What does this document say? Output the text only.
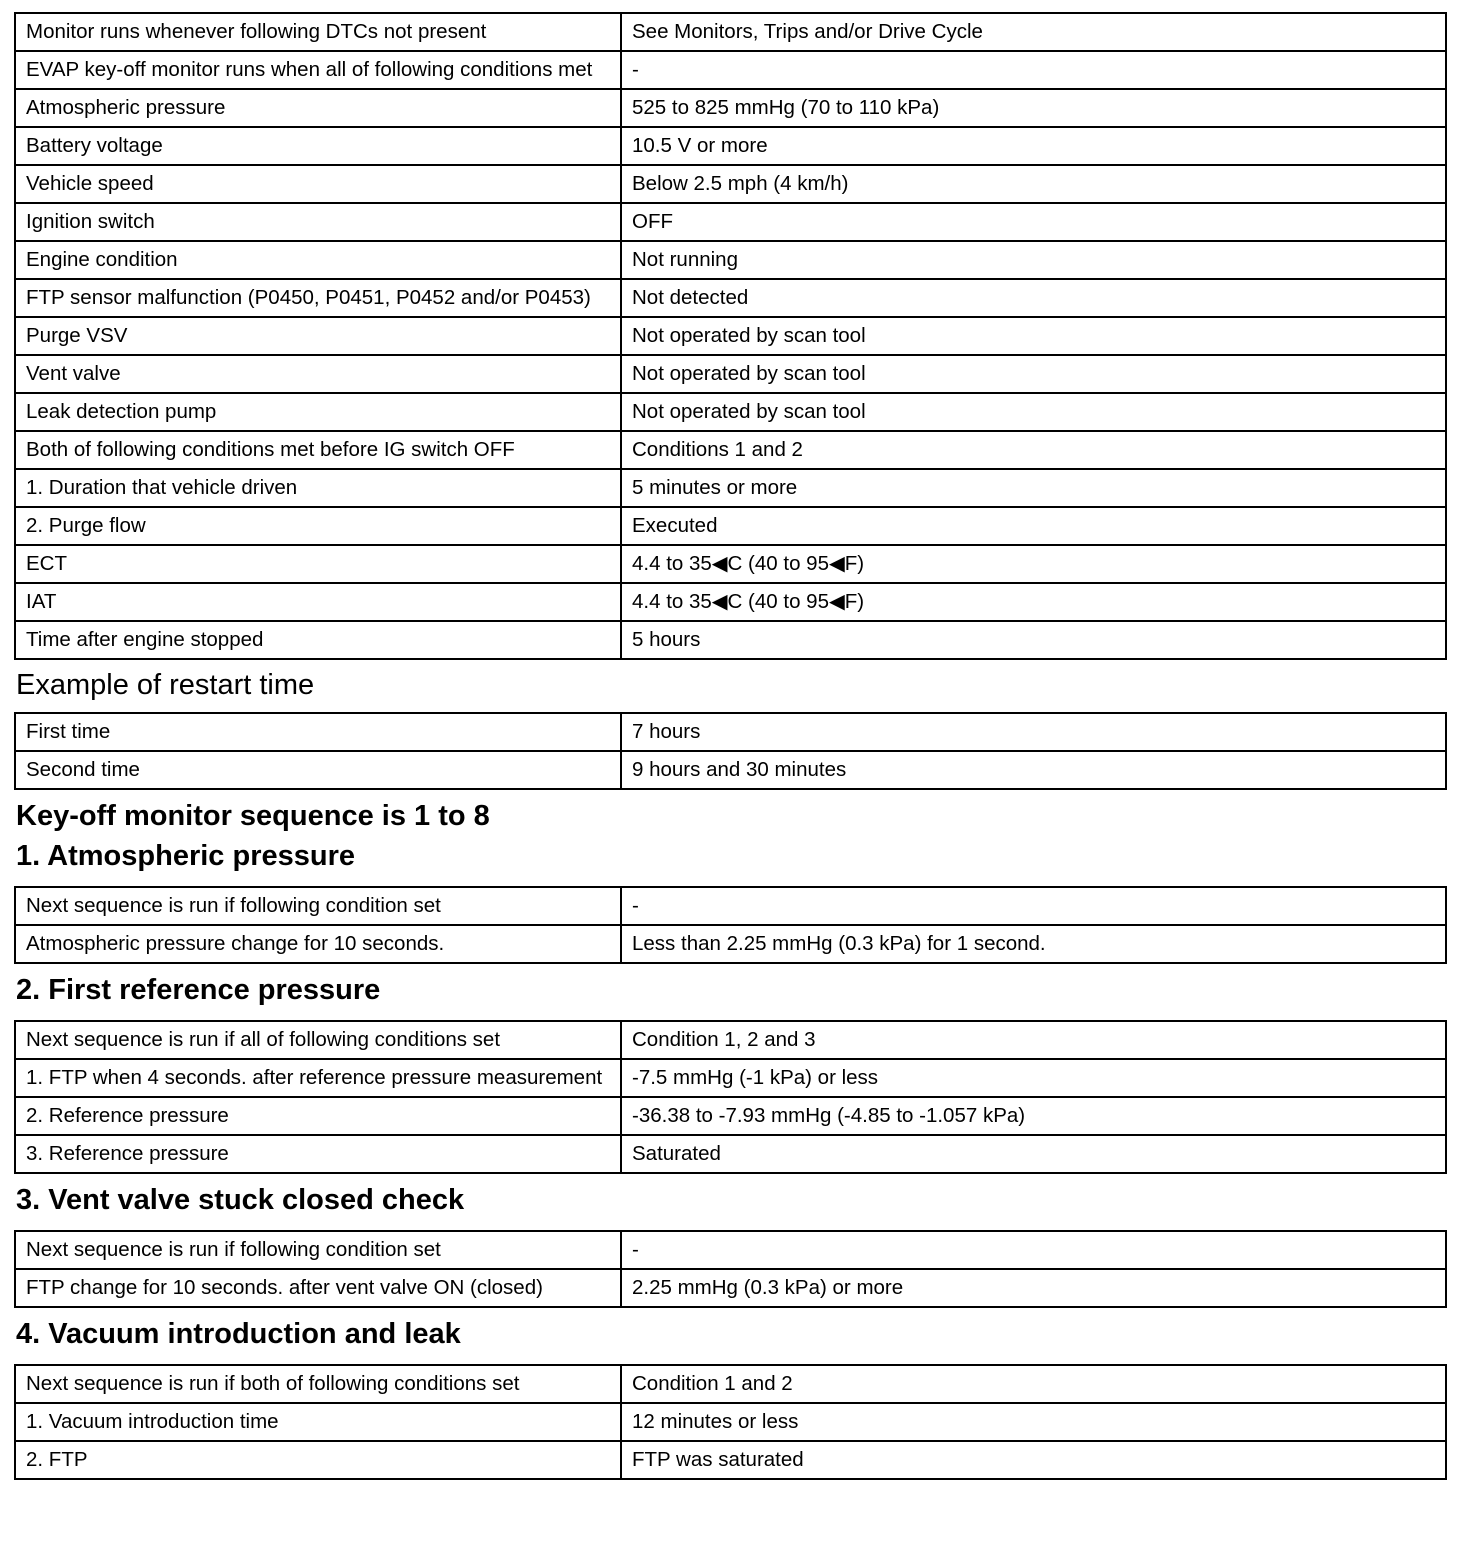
Monitor runs whenever following DTCs not present	See Monitors, Trips and/or Drive Cycle
EVAP key-off monitor runs when all of following conditions met	-
Atmospheric pressure	525 to 825 mmHg (70 to 110 kPa)
Battery voltage	10.5 V or more
Vehicle speed	Below 2.5 mph (4 km/h)
Ignition switch	OFF
Engine condition	Not running
FTP sensor malfunction (P0450, P0451, P0452 and/or P0453)	Not detected
Purge VSV	Not operated by scan tool
Vent valve	Not operated by scan tool
Leak detection pump	Not operated by scan tool
Both of following conditions met before IG switch OFF	Conditions 1 and 2
1. Duration that vehicle driven	5 minutes or more
2. Purge flow	Executed
ECT	4.4 to 35◀C (40 to 95◀F)
IAT	4.4 to 35◀C (40 to 95◀F)
Time after engine stopped	5 hours
Example of restart time
First time	7 hours
Second time	9 hours and 30 minutes
Key-off monitor sequence is 1 to 8
1. Atmospheric pressure
Next sequence is run if following condition set	-
Atmospheric pressure change for 10 seconds.	Less than 2.25 mmHg (0.3 kPa) for 1 second.
2. First reference pressure
Next sequence is run if all of following conditions set	Condition 1, 2 and 3
1. FTP when 4 seconds. after reference pressure measurement	-7.5 mmHg (-1 kPa) or less
2. Reference pressure	-36.38 to -7.93 mmHg (-4.85 to -1.057 kPa)
3. Reference pressure	Saturated
3. Vent valve stuck closed check
Next sequence is run if following condition set	-
FTP change for 10 seconds. after vent valve ON (closed)	2.25 mmHg (0.3 kPa) or more
4. Vacuum introduction and leak
Next sequence is run if both of following conditions set	Condition 1 and 2
1. Vacuum introduction time	12 minutes or less
2. FTP	FTP was saturated
